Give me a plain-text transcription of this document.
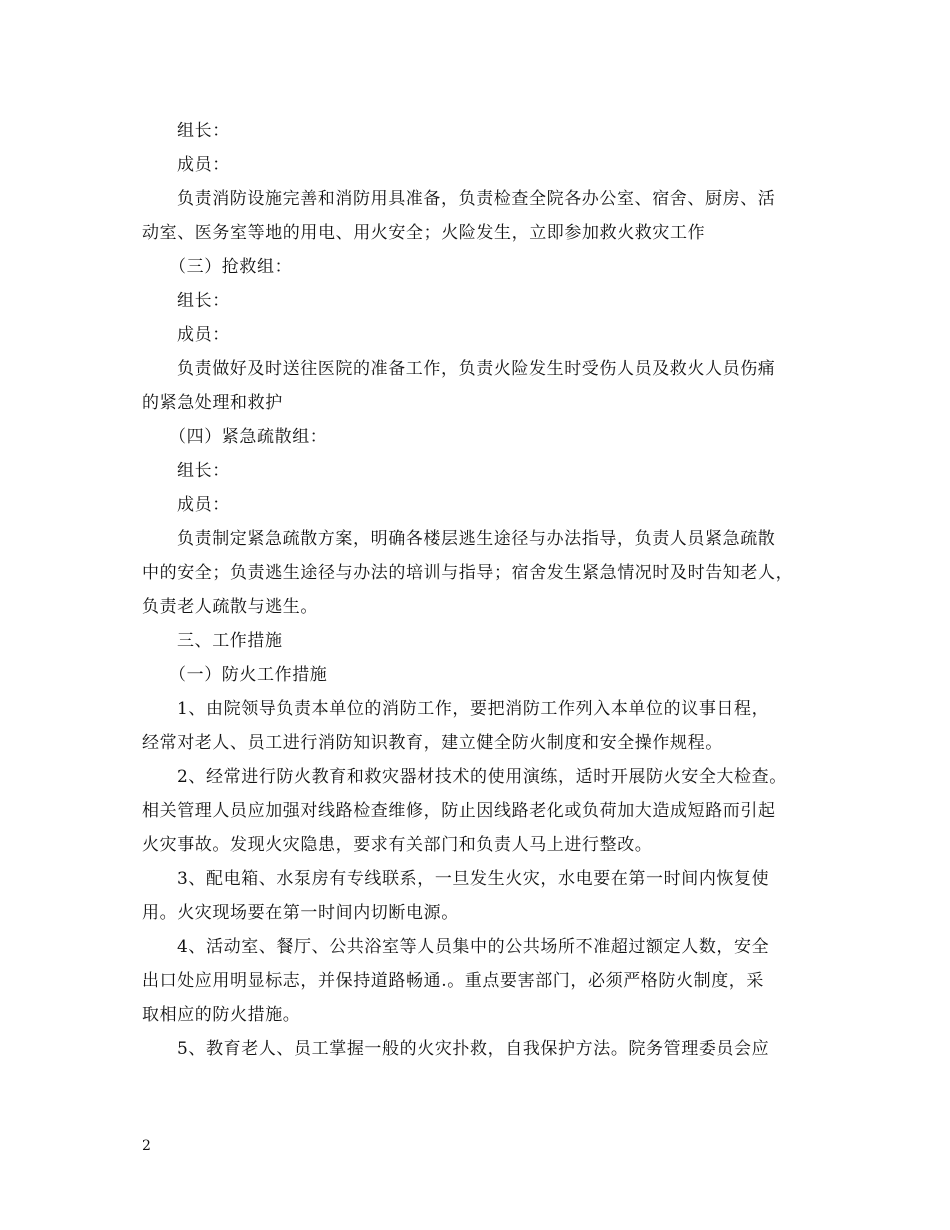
组长：
成员：
负责消防设施完善和消防用具准备，负责检查全院各办公室、宿舍、厨房、活
动室、医务室等地的用电、用火安全；火险发生，立即参加救火救灾工作
（三）抢救组：
组长：
成员：
负责做好及时送往医院的准备工作，负责火险发生时受伤人员及救火人员伤痛
的紧急处理和救护
（四）紧急疏散组：
组长：
成员：
负责制定紧急疏散方案，明确各楼层逃生途径与办法指导，负责人员紧急疏散
中的安全；负责逃生途径与办法的培训与指导；宿舍发生紧急情况时及时告知老人，
负责老人疏散与逃生。
三、工作措施
（一）防火工作措施
1、由院领导负责本单位的消防工作，要把消防工作列入本单位的议事日程，
经常对老人、员工进行消防知识教育，建立健全防火制度和安全操作规程。
2、经常进行防火教育和救灾器材技术的使用演练，适时开展防火安全大检查。
相关管理人员应加强对线路检查维修，防止因线路老化或负荷加大造成短路而引起
火灾事故。发现火灾隐患，要求有关部门和负责人马上进行整改。
3、配电箱、水泵房有专线联系，一旦发生火灾，水电要在第一时间内恢复使
用。火灾现场要在第一时间内切断电源。
4、活动室、餐厅、公共浴室等人员集中的公共场所不准超过额定人数，安全
出口处应用明显标志，并保持道路畅通.。重点要害部门，必须严格防火制度，采
取相应的防火措施。
5、教育老人、员工掌握一般的火灾扑救，自我保护方法。院务管理委员会应
2
